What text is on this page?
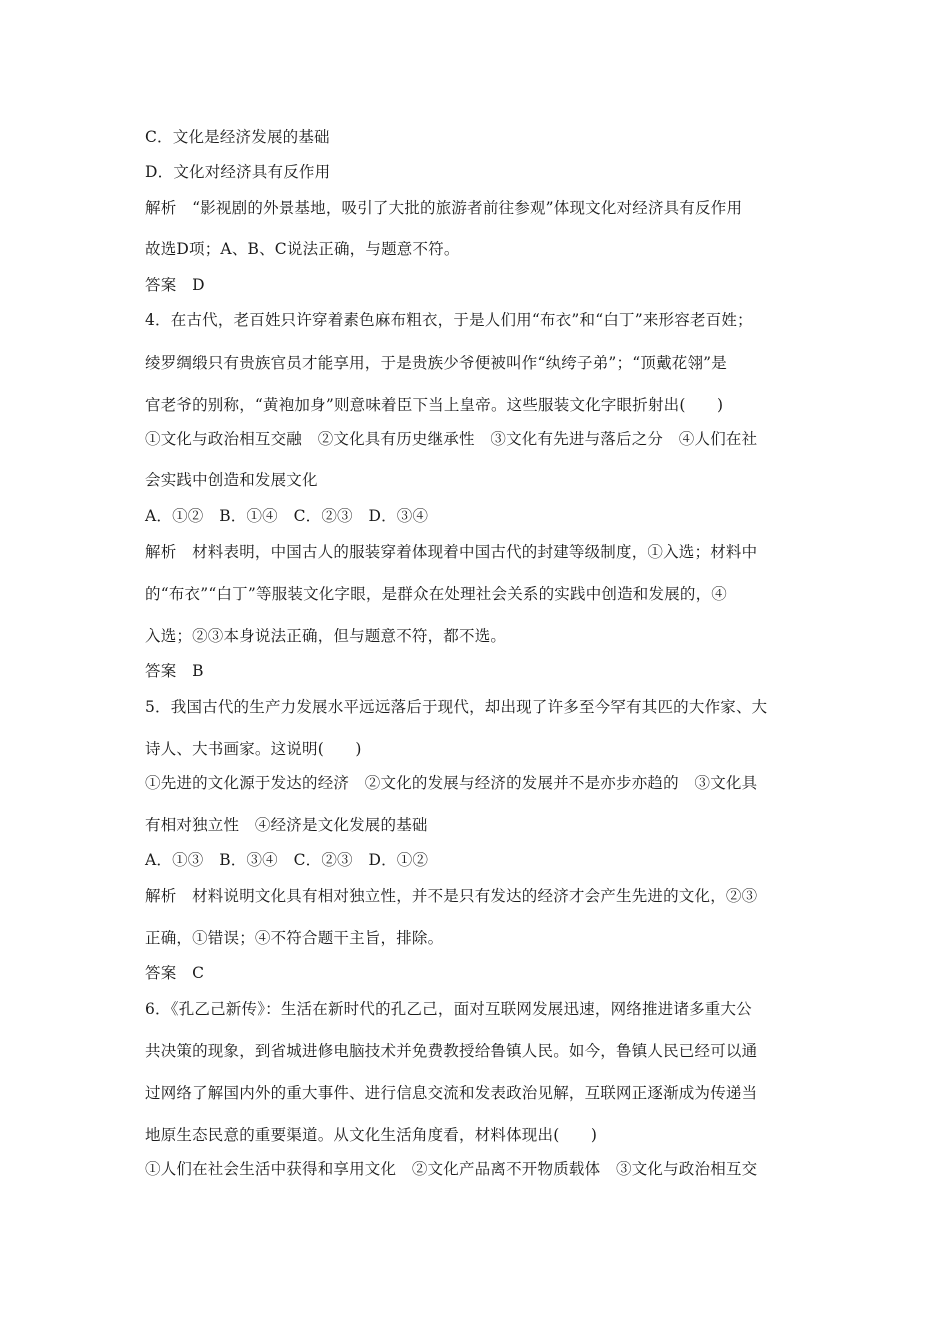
C．文化是经济发展的基础
D．文化对经济具有反作用
解析　“影视剧的外景基地，吸引了大批的旅游者前往参观”体现文化对经济具有反作用
故选D项；A、B、C说法正确，与题意不符。
答案　D
4．在古代，老百姓只许穿着素色麻布粗衣，于是人们用“布衣”和“白丁”来形容老百姓；
绫罗绸缎只有贵族官员才能享用，于是贵族少爷便被叫作“纨绔子弟”；“顶戴花翎”是
官老爷的别称，“黄袍加身”则意味着臣下当上皇帝。这些服装文化字眼折射出(　　)
①文化与政治相互交融　②文化具有历史继承性　③文化有先进与落后之分　④人们在社
会实践中创造和发展文化
A．①②　B．①④　C．②③　D．③④
解析　材料表明，中国古人的服装穿着体现着中国古代的封建等级制度，①入选；材料中
的“布衣”“白丁”等服装文化字眼，是群众在处理社会关系的实践中创造和发展的，④
入选；②③本身说法正确，但与题意不符，都不选。
答案　B
5．我国古代的生产力发展水平远远落后于现代，却出现了许多至今罕有其匹的大作家、大
诗人、大书画家。这说明(　　)
①先进的文化源于发达的经济　②文化的发展与经济的发展并不是亦步亦趋的　③文化具
有相对独立性　④经济是文化发展的基础
A．①③　B．③④　C．②③　D．①②
解析　材料说明文化具有相对独立性，并不是只有发达的经济才会产生先进的文化，②③
正确，①错误；④不符合题干主旨，排除。
答案　C
6．《孔乙己新传》：生活在新时代的孔乙己，面对互联网发展迅速，网络推进诸多重大公
共决策的现象，到省城进修电脑技术并免费教授给鲁镇人民。如今，鲁镇人民已经可以通
过网络了解国内外的重大事件、进行信息交流和发表政治见解，互联网正逐渐成为传递当
地原生态民意的重要渠道。从文化生活角度看，材料体现出(　　)
①人们在社会生活中获得和享用文化　②文化产品离不开物质载体　③文化与政治相互交
